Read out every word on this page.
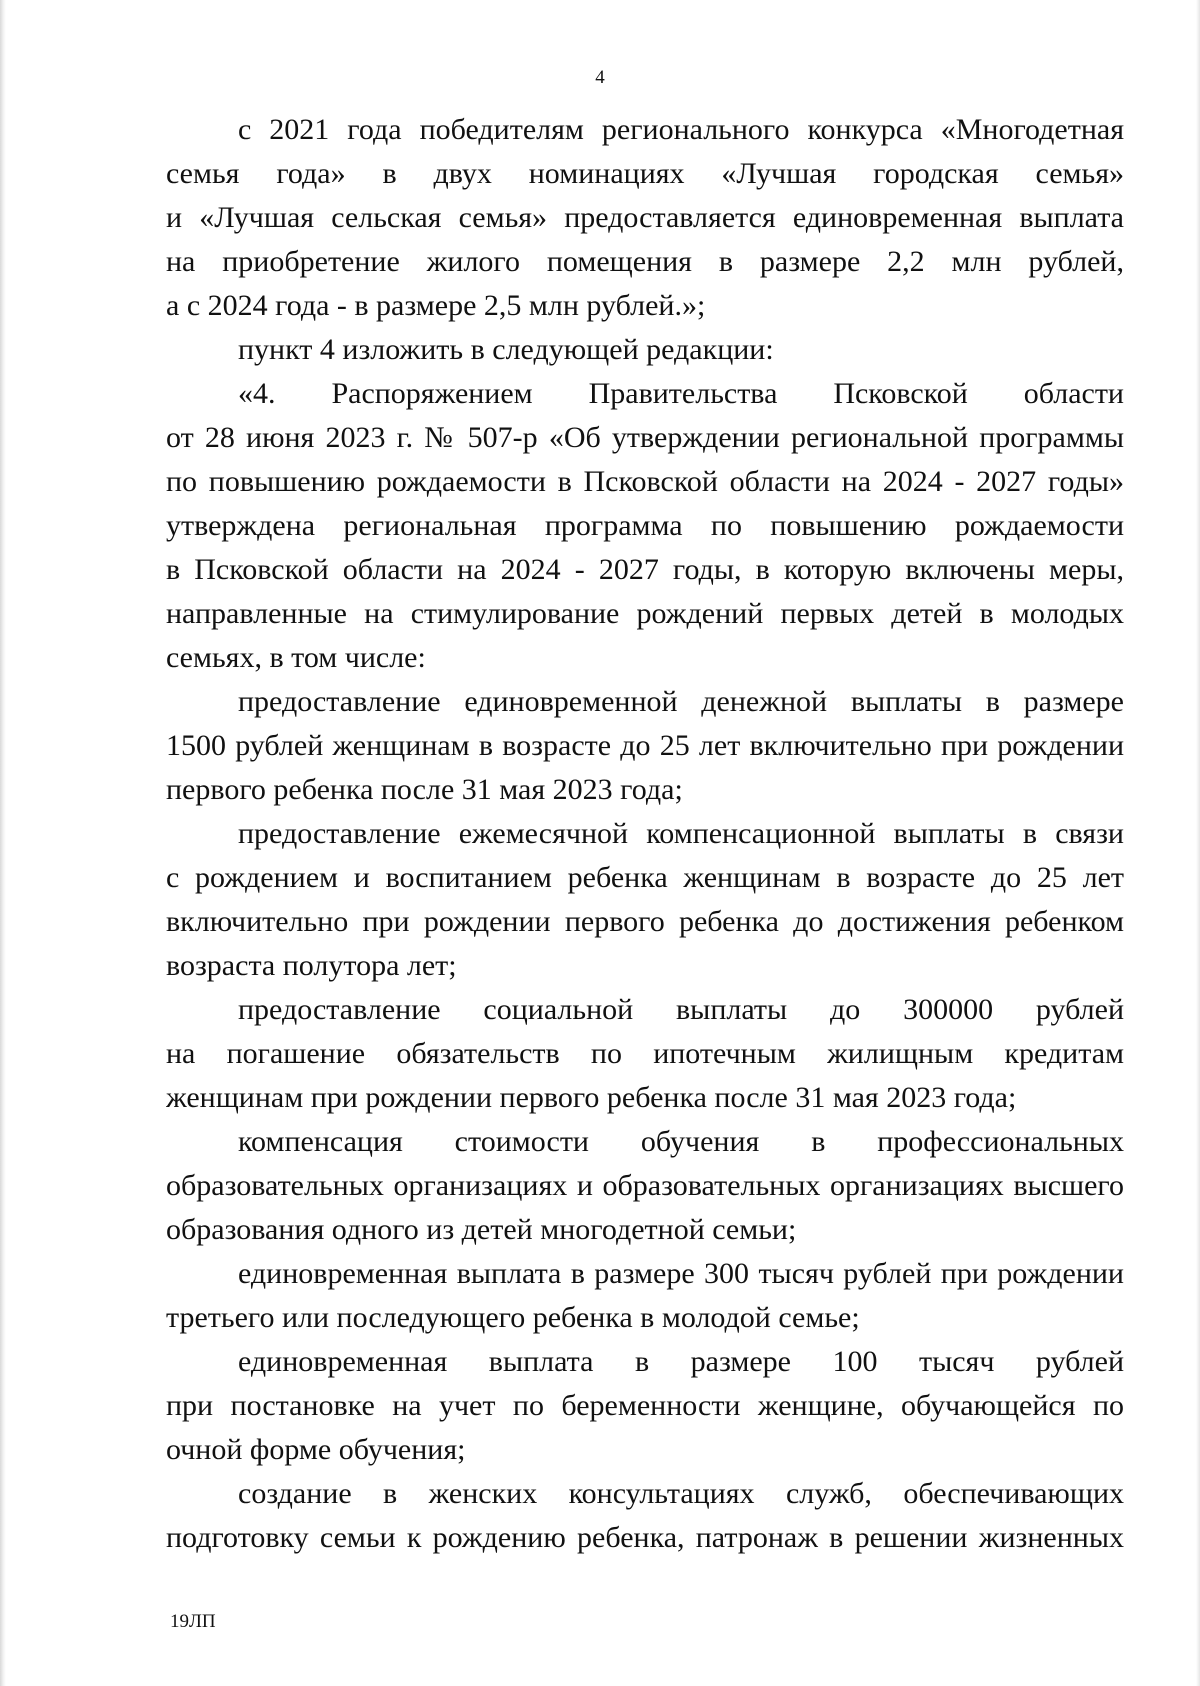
4
с 2021 года победителям регионального конкурса «Многодетная
семья года» в двух номинациях «Лучшая городская семья»
и «Лучшая сельская семья» предоставляется единовременная выплата
на приобретение жилого помещения в размере 2,2 млн рублей,
а с 2024 года - в размере 2,5 млн рублей.»;
пункт 4 изложить в следующей редакции:
«4. Распоряжением Правительства Псковской области
от 28 июня 2023 г. № 507-р «Об утверждении региональной программы
по повышению рождаемости в Псковской области на 2024 - 2027 годы»
утверждена региональная программа по повышению рождаемости
в Псковской области на 2024 - 2027 годы, в которую включены меры,
направленные на стимулирование рождений первых детей в молодых
семьях, в том числе:
предоставление единовременной денежной выплаты в размере
1500 рублей женщинам в возрасте до 25 лет включительно при рождении
первого ребенка после 31 мая 2023 года;
предоставление ежемесячной компенсационной выплаты в связи
с рождением и воспитанием ребенка женщинам в возрасте до 25 лет
включительно при рождении первого ребенка до достижения ребенком
возраста полутора лет;
предоставление социальной выплаты до 300000 рублей
на погашение обязательств по ипотечным жилищным кредитам
женщинам при рождении первого ребенка после 31 мая 2023 года;
компенсация стоимости обучения в профессиональных
образовательных организациях и образовательных организациях высшего
образования одного из детей многодетной семьи;
единовременная выплата в размере 300 тысяч рублей при рождении
третьего или последующего ребенка в молодой семье;
единовременная выплата в размере 100 тысяч рублей
при постановке на учет по беременности женщине, обучающейся по
очной форме обучения;
создание в женских консультациях служб, обеспечивающих
подготовку семьи к рождению ребенка, патронаж в решении жизненных
19ЛП
